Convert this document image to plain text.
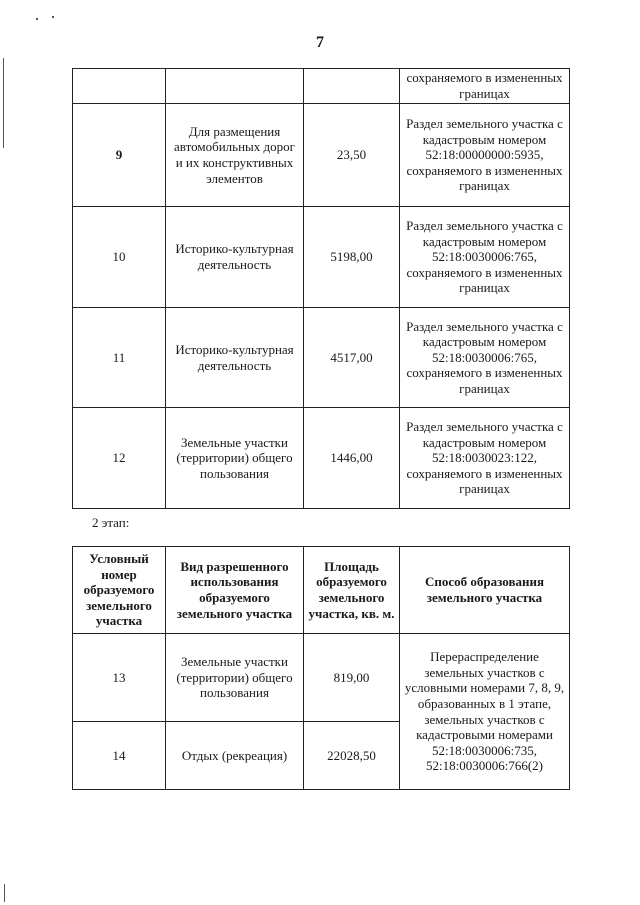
7
			сохраняемого в измененных границах
9	Для размещения автомобильных дорог и их конструктивных элементов	23,50	Раздел земельного участка с кадастровым номером 52:18:00000000:5935, сохраняемого в измененных границах
10	Историко-культурная деятельность	5198,00	Раздел земельного участка с кадастровым номером 52:18:0030006:765, сохраняемого в измененных границах
11	Историко-культурная деятельность	4517,00	Раздел земельного участка с кадастровым номером 52:18:0030006:765, сохраняемого в измененных границах
12	Земельные участки (территории) общего пользования	1446,00	Раздел земельного участка с кадастровым номером 52:18:0030023:122, сохраняемого в измененных границах
2 этап:
Условный номер образуемого земельного участка	Вид разрешенного использования образуемого земельного участка	Площадь образуемого земельного участка, кв. м.	Способ образования земельного участка
13	Земельные участки (территории) общего пользования	819,00	Перераспределение земельных участков с условными номерами 7, 8, 9, образованных в 1 этапе, земельных участков с кадастровыми номерами 52:18:0030006:735, 52:18:0030006:766(2)
14	Отдых (рекреация)	22028,50	
